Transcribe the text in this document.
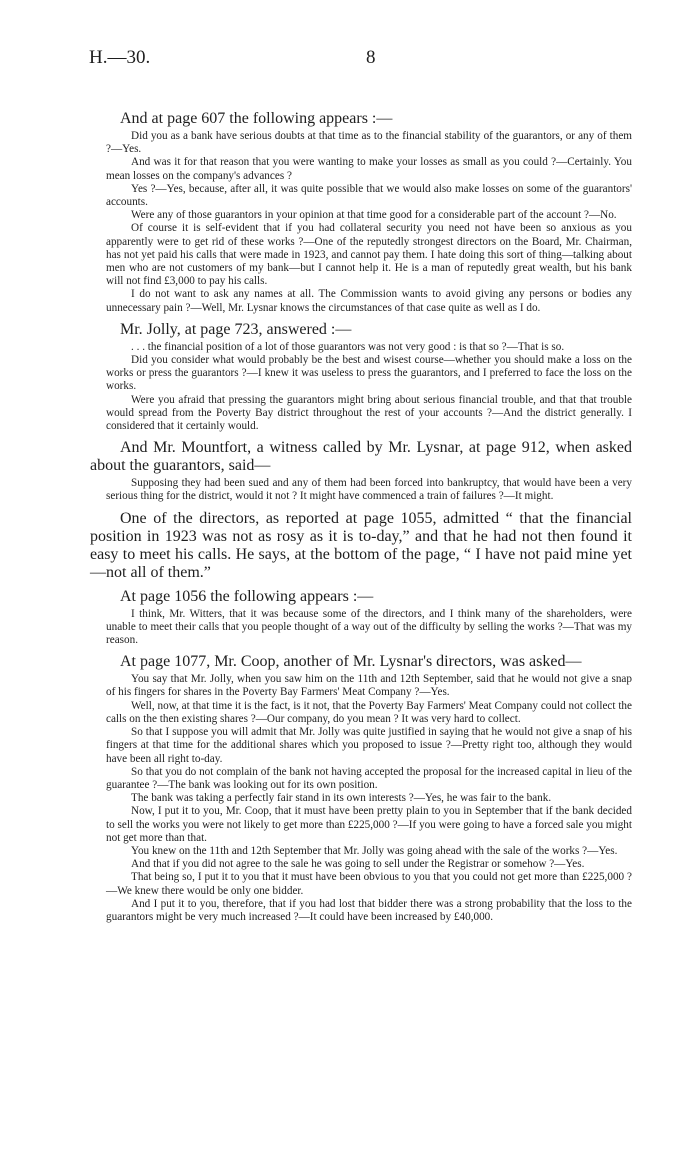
H.—30.	8

And at page 607 the following appears :—

Did you as a bank have serious doubts at that time as to the financial stability of the guarantors, or any of them ?—Yes.

And was it for that reason that you were wanting to make your losses as small as you could ?—Certainly. You mean losses on the company's advances ?

Yes ?—Yes, because, after all, it was quite possible that we would also make losses on some of the guarantors' accounts.

Were any of those guarantors in your opinion at that time good for a considerable part of the account ?—No.

Of course it is self-evident that if you had collateral security you need not have been so anxious as you apparently were to get rid of these works ?—One of the reputedly strongest directors on the Board, Mr. Chairman, has not yet paid his calls that were made in 1923, and cannot pay them. I hate doing this sort of thing—talking about men who are not customers of my bank—but I cannot help it. He is a man of reputedly great wealth, but his bank will not find £3,000 to pay his calls.

I do not want to ask any names at all. The Commission wants to avoid giving any persons or bodies any unnecessary pain ?—Well, Mr. Lysnar knows the circumstances of that case quite as well as I do.

Mr. Jolly, at page 723, answered :—

. . . the financial position of a lot of those guarantors was not very good : is that so ?—That is so.

Did you consider what would probably be the best and wisest course—whether you should make a loss on the works or press the guarantors ?—I knew it was useless to press the guarantors, and I preferred to face the loss on the works.

Were you afraid that pressing the guarantors might bring about serious financial trouble, and that that trouble would spread from the Poverty Bay district throughout the rest of your accounts ?—And the district generally. I considered that it certainly would.

And Mr. Mountfort, a witness called by Mr. Lysnar, at page 912, when asked about the guarantors, said—

Supposing they had been sued and any of them had been forced into bankruptcy, that would have been a very serious thing for the district, would it not ? It might have commenced a train of failures ?—It might.

One of the directors, as reported at page 1055, admitted “ that the financial position in 1923 was not as rosy as it is to-day,” and that he had not then found it easy to meet his calls. He says, at the bottom of the page, “ I have not paid mine yet—not all of them.”

At page 1056 the following appears :—

I think, Mr. Witters, that it was because some of the directors, and I think many of the shareholders, were unable to meet their calls that you people thought of a way out of the difficulty by selling the works ?—That was my reason.

At page 1077, Mr. Coop, another of Mr. Lysnar's directors, was asked—

You say that Mr. Jolly, when you saw him on the 11th and 12th September, said that he would not give a snap of his fingers for shares in the Poverty Bay Farmers' Meat Company ?—Yes.

Well, now, at that time it is the fact, is it not, that the Poverty Bay Farmers' Meat Company could not collect the calls on the then existing shares ?—Our company, do you mean ? It was very hard to collect.

So that I suppose you will admit that Mr. Jolly was quite justified in saying that he would not give a snap of his fingers at that time for the additional shares which you proposed to issue ?—Pretty right too, although they would have been all right to-day.

So that you do not complain of the bank not having accepted the proposal for the increased capital in lieu of the guarantee ?—The bank was looking out for its own position.

The bank was taking a perfectly fair stand in its own interests ?—Yes, he was fair to the bank.

Now, I put it to you, Mr. Coop, that it must have been pretty plain to you in September that if the bank decided to sell the works you were not likely to get more than £225,000 ?—If you were going to have a forced sale you might not get more than that.

You knew on the 11th and 12th September that Mr. Jolly was going ahead with the sale of the works ?—Yes.

And that if you did not agree to the sale he was going to sell under the Registrar or somehow ?—Yes.

That being so, I put it to you that it must have been obvious to you that you could not get more than £225,000 ?—We knew there would be only one bidder.

And I put it to you, therefore, that if you had lost that bidder there was a strong probability that the loss to the guarantors might be very much increased ?—It could have been increased by £40,000.
